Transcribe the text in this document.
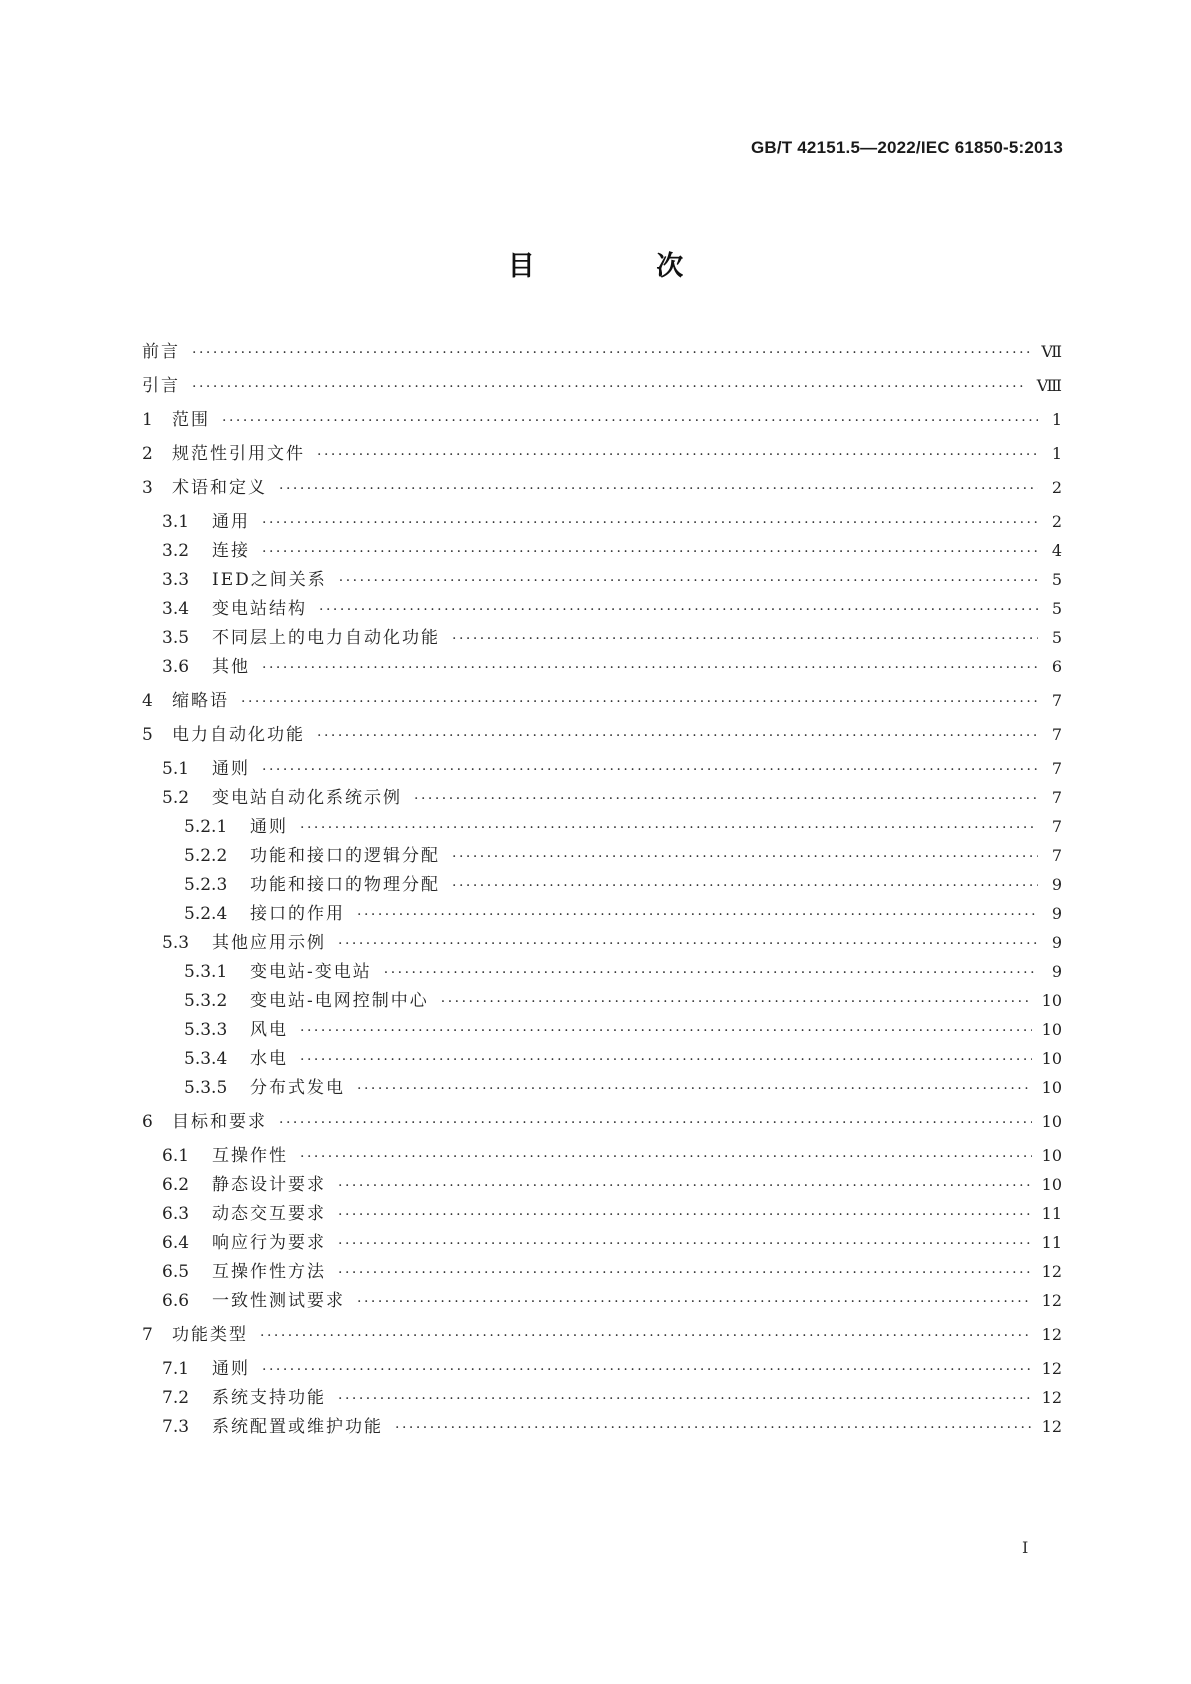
GB/T 42151.5—2022/IEC 61850-5:2013
目 次
前言 ·····	Ⅶ
引言 ·····	Ⅷ
1	范围 ·····	1
2	规范性引用文件 ·····	1
3	术语和定义 ·····	2
3.1	通用 ·····	2
3.2	连接 ·····	4
3.3	IED之间关系 ·····	5
3.4	变电站结构 ·····	5
3.5	不同层上的电力自动化功能 ·····	5
3.6	其他 ·····	6
4	缩略语 ·····	7
5	电力自动化功能 ·····	7
5.1	通则 ·····	7
5.2	变电站自动化系统示例 ·····	7
5.2.1	通则 ·····	7
5.2.2	功能和接口的逻辑分配 ·····	7
5.2.3	功能和接口的物理分配 ·····	9
5.2.4	接口的作用 ·····	9
5.3	其他应用示例 ·····	9
5.3.1	变电站-变电站 ·····	9
5.3.2	变电站-电网控制中心 ·····	10
5.3.3	风电 ·····	10
5.3.4	水电 ·····	10
5.3.5	分布式发电 ·····	10
6	目标和要求 ·····	10
6.1	互操作性 ·····	10
6.2	静态设计要求 ·····	10
6.3	动态交互要求 ·····	11
6.4	响应行为要求 ·····	11
6.5	互操作性方法 ·····	12
6.6	一致性测试要求 ·····	12
7	功能类型 ·····	12
7.1	通则 ·····	12
7.2	系统支持功能 ·····	12
7.3	系统配置或维护功能 ·····	12
I
